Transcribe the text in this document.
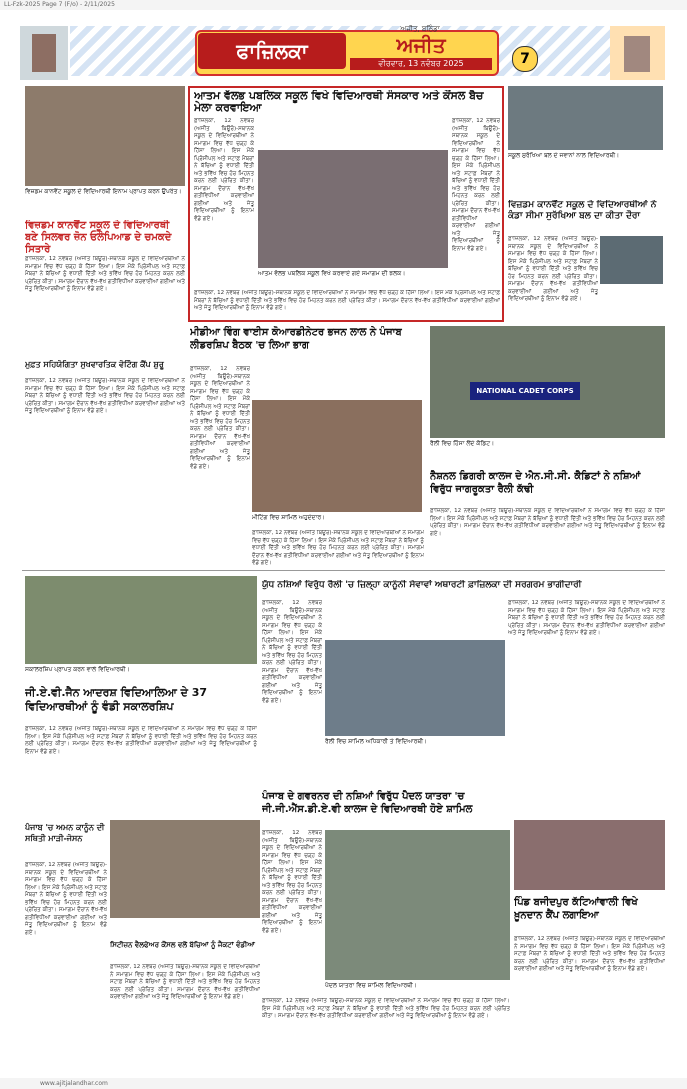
LL-Fzk-2025 Page 7 (F/o) - 2/11/2025
ਫਾਜ਼ਿਲਕਾ	ਅਜੀਤ
ਅਜੀਤ, ਬਠਿੰਡਾ
ਵੀਰਵਾਰ, 13 ਨਵੰਬਰ 2025	7
ਵਿਜ਼ਡਮ ਕਾਨਵੈਂਟ ਸਕੂਲ ਦੇ ਵਿਦਿਆਰਥੀ ਇਨਾਮ ਪ੍ਰਾਪਤ ਕਰਨ ਉਪਰੰਤ।
ਵਿਜ਼ਡਮ ਕਾਨਵੈਂਟ ਸਕੂਲ ਦੇ ਵਿਦਿਆਰਥੀ ਬਣੇ ਸਿਲਵਰ ਜ਼ੋਨ ਓਲੰਪਿਆਡ ਦੇ ਚਮਕਦੇ ਸਿਤਾਰੇ
ਫ਼ਾਜ਼ਿਲਕਾ, 12 ਨਵੰਬਰ (ਅਜੀਤ ਬਿਊਰੋ)-ਸਥਾਨਕ ਸਕੂਲ ਦੇ ਵਿਦਿਆਰਥੀਆਂ ਨੇ ਸਮਾਗਮ ਵਿਚ ਵੱਧ ਚੜ੍ਹ ਕੇ ਹਿੱਸਾ ਲਿਆ। ਇਸ ਮੌਕੇ ਪ੍ਰਿੰਸੀਪਲ ਅਤੇ ਸਟਾਫ਼ ਮੈਂਬਰਾਂ ਨੇ ਬੱਚਿਆਂ ਨੂੰ ਵਧਾਈ ਦਿੱਤੀ ਅਤੇ ਭਵਿੱਖ ਵਿਚ ਹੋਰ ਮਿਹਨਤ ਕਰਨ ਲਈ ਪ੍ਰੇਰਿਤ ਕੀਤਾ। ਸਮਾਗਮ ਦੌਰਾਨ ਵੱਖ-ਵੱਖ ਗਤੀਵਿਧੀਆਂ ਕਰਵਾਈਆਂ ਗਈਆਂ ਅਤੇ ਜੇਤੂ ਵਿਦਿਆਰਥੀਆਂ ਨੂੰ ਇਨਾਮ ਵੰਡੇ ਗਏ।
ਮੁਫ਼ਤ ਸਹਿਯੋਗਿਤਾ ਸੁਖਵਾਰਤਿਕ ਵੋਟਿੰਗ ਕੈਂਪ ਸ਼ੁਰੂ
ਫ਼ਾਜ਼ਿਲਕਾ, 12 ਨਵੰਬਰ (ਅਜੀਤ ਬਿਊਰੋ)-ਸਥਾਨਕ ਸਕੂਲ ਦੇ ਵਿਦਿਆਰਥੀਆਂ ਨੇ ਸਮਾਗਮ ਵਿਚ ਵੱਧ ਚੜ੍ਹ ਕੇ ਹਿੱਸਾ ਲਿਆ। ਇਸ ਮੌਕੇ ਪ੍ਰਿੰਸੀਪਲ ਅਤੇ ਸਟਾਫ਼ ਮੈਂਬਰਾਂ ਨੇ ਬੱਚਿਆਂ ਨੂੰ ਵਧਾਈ ਦਿੱਤੀ ਅਤੇ ਭਵਿੱਖ ਵਿਚ ਹੋਰ ਮਿਹਨਤ ਕਰਨ ਲਈ ਪ੍ਰੇਰਿਤ ਕੀਤਾ। ਸਮਾਗਮ ਦੌਰਾਨ ਵੱਖ-ਵੱਖ ਗਤੀਵਿਧੀਆਂ ਕਰਵਾਈਆਂ ਗਈਆਂ ਅਤੇ ਜੇਤੂ ਵਿਦਿਆਰਥੀਆਂ ਨੂੰ ਇਨਾਮ ਵੰਡੇ ਗਏ।
ਆਤਮ ਵੱਲਭ ਪਬਲਿਕ ਸਕੂਲ ਵਿਖੇ ਵਿਦਿਆਰਥੀ ਸੰਸਕਾਰ ਅਤੇ ਕੌਂਸਲ ਬੈਚ ਮੇਲਾ ਕਰਵਾਇਆ
ਫ਼ਾਜ਼ਿਲਕਾ, 12 ਨਵੰਬਰ (ਅਜੀਤ ਬਿਊਰੋ)-ਸਥਾਨਕ ਸਕੂਲ ਦੇ ਵਿਦਿਆਰਥੀਆਂ ਨੇ ਸਮਾਗਮ ਵਿਚ ਵੱਧ ਚੜ੍ਹ ਕੇ ਹਿੱਸਾ ਲਿਆ। ਇਸ ਮੌਕੇ ਪ੍ਰਿੰਸੀਪਲ ਅਤੇ ਸਟਾਫ਼ ਮੈਂਬਰਾਂ ਨੇ ਬੱਚਿਆਂ ਨੂੰ ਵਧਾਈ ਦਿੱਤੀ ਅਤੇ ਭਵਿੱਖ ਵਿਚ ਹੋਰ ਮਿਹਨਤ ਕਰਨ ਲਈ ਪ੍ਰੇਰਿਤ ਕੀਤਾ। ਸਮਾਗਮ ਦੌਰਾਨ ਵੱਖ-ਵੱਖ ਗਤੀਵਿਧੀਆਂ ਕਰਵਾਈਆਂ ਗਈਆਂ ਅਤੇ ਜੇਤੂ ਵਿਦਿਆਰਥੀਆਂ ਨੂੰ ਇਨਾਮ ਵੰਡੇ ਗਏ।
ਆਤਮ ਵੱਲਭ ਪਬਲਿਕ ਸਕੂਲ ਵਿਖੇ ਕਰਵਾਏ ਗਏ ਸਮਾਗਮ ਦੀ ਝਲਕ।
ਫ਼ਾਜ਼ਿਲਕਾ, 12 ਨਵੰਬਰ (ਅਜੀਤ ਬਿਊਰੋ)-ਸਥਾਨਕ ਸਕੂਲ ਦੇ ਵਿਦਿਆਰਥੀਆਂ ਨੇ ਸਮਾਗਮ ਵਿਚ ਵੱਧ ਚੜ੍ਹ ਕੇ ਹਿੱਸਾ ਲਿਆ। ਇਸ ਮੌਕੇ ਪ੍ਰਿੰਸੀਪਲ ਅਤੇ ਸਟਾਫ਼ ਮੈਂਬਰਾਂ ਨੇ ਬੱਚਿਆਂ ਨੂੰ ਵਧਾਈ ਦਿੱਤੀ ਅਤੇ ਭਵਿੱਖ ਵਿਚ ਹੋਰ ਮਿਹਨਤ ਕਰਨ ਲਈ ਪ੍ਰੇਰਿਤ ਕੀਤਾ। ਸਮਾਗਮ ਦੌਰਾਨ ਵੱਖ-ਵੱਖ ਗਤੀਵਿਧੀਆਂ ਕਰਵਾਈਆਂ ਗਈਆਂ ਅਤੇ ਜੇਤੂ ਵਿਦਿਆਰਥੀਆਂ ਨੂੰ ਇਨਾਮ ਵੰਡੇ ਗਏ।
ਫ਼ਾਜ਼ਿਲਕਾ, 12 ਨਵੰਬਰ (ਅਜੀਤ ਬਿਊਰੋ)-ਸਥਾਨਕ ਸਕੂਲ ਦੇ ਵਿਦਿਆਰਥੀਆਂ ਨੇ ਸਮਾਗਮ ਵਿਚ ਵੱਧ ਚੜ੍ਹ ਕੇ ਹਿੱਸਾ ਲਿਆ। ਇਸ ਮੌਕੇ ਪ੍ਰਿੰਸੀਪਲ ਅਤੇ ਸਟਾਫ਼ ਮੈਂਬਰਾਂ ਨੇ ਬੱਚਿਆਂ ਨੂੰ ਵਧਾਈ ਦਿੱਤੀ ਅਤੇ ਭਵਿੱਖ ਵਿਚ ਹੋਰ ਮਿਹਨਤ ਕਰਨ ਲਈ ਪ੍ਰੇਰਿਤ ਕੀਤਾ। ਸਮਾਗਮ ਦੌਰਾਨ ਵੱਖ-ਵੱਖ ਗਤੀਵਿਧੀਆਂ ਕਰਵਾਈਆਂ ਗਈਆਂ ਅਤੇ ਜੇਤੂ ਵਿਦਿਆਰਥੀਆਂ ਨੂੰ ਇਨਾਮ ਵੰਡੇ ਗਏ।
ਸਕੂਲ ਸੁਰੱਖਿਆ ਬਲ ਦੇ ਜਵਾਨਾਂ ਨਾਲ ਵਿਦਿਆਰਥੀ।
ਵਿਜ਼ਡਮ ਕਾਨਵੈਂਟ ਸਕੂਲ ਦੇ ਵਿਦਿਆਰਥੀਆਂ ਨੇ ਕੰਡਾ ਸੀਮਾ ਸੁਰੱਖਿਆ ਬਲ ਦਾ ਕੀਤਾ ਦੌਰਾ
ਫ਼ਾਜ਼ਿਲਕਾ, 12 ਨਵੰਬਰ (ਅਜੀਤ ਬਿਊਰੋ)-ਸਥਾਨਕ ਸਕੂਲ ਦੇ ਵਿਦਿਆਰਥੀਆਂ ਨੇ ਸਮਾਗਮ ਵਿਚ ਵੱਧ ਚੜ੍ਹ ਕੇ ਹਿੱਸਾ ਲਿਆ। ਇਸ ਮੌਕੇ ਪ੍ਰਿੰਸੀਪਲ ਅਤੇ ਸਟਾਫ਼ ਮੈਂਬਰਾਂ ਨੇ ਬੱਚਿਆਂ ਨੂੰ ਵਧਾਈ ਦਿੱਤੀ ਅਤੇ ਭਵਿੱਖ ਵਿਚ ਹੋਰ ਮਿਹਨਤ ਕਰਨ ਲਈ ਪ੍ਰੇਰਿਤ ਕੀਤਾ। ਸਮਾਗਮ ਦੌਰਾਨ ਵੱਖ-ਵੱਖ ਗਤੀਵਿਧੀਆਂ ਕਰਵਾਈਆਂ ਗਈਆਂ ਅਤੇ ਜੇਤੂ ਵਿਦਿਆਰਥੀਆਂ ਨੂੰ ਇਨਾਮ ਵੰਡੇ ਗਏ।
ਮੀਡੀਆ ਵਿੰਗ ਵਾਈਸ ਕੋਆਰਡੀਨੇਟਰ ਭਜਨ ਲਾਲ ਨੇ ਪੰਜਾਬ ਲੀਡਰਸ਼ਿਪ ਬੈਠਕ 'ਚ ਲਿਆ ਭਾਗ
ਫ਼ਾਜ਼ਿਲਕਾ, 12 ਨਵੰਬਰ (ਅਜੀਤ ਬਿਊਰੋ)-ਸਥਾਨਕ ਸਕੂਲ ਦੇ ਵਿਦਿਆਰਥੀਆਂ ਨੇ ਸਮਾਗਮ ਵਿਚ ਵੱਧ ਚੜ੍ਹ ਕੇ ਹਿੱਸਾ ਲਿਆ। ਇਸ ਮੌਕੇ ਪ੍ਰਿੰਸੀਪਲ ਅਤੇ ਸਟਾਫ਼ ਮੈਂਬਰਾਂ ਨੇ ਬੱਚਿਆਂ ਨੂੰ ਵਧਾਈ ਦਿੱਤੀ ਅਤੇ ਭਵਿੱਖ ਵਿਚ ਹੋਰ ਮਿਹਨਤ ਕਰਨ ਲਈ ਪ੍ਰੇਰਿਤ ਕੀਤਾ। ਸਮਾਗਮ ਦੌਰਾਨ ਵੱਖ-ਵੱਖ ਗਤੀਵਿਧੀਆਂ ਕਰਵਾਈਆਂ ਗਈਆਂ ਅਤੇ ਜੇਤੂ ਵਿਦਿਆਰਥੀਆਂ ਨੂੰ ਇਨਾਮ ਵੰਡੇ ਗਏ।
ਮੀਟਿੰਗ ਵਿਚ ਸ਼ਾਮਿਲ ਅਹੁਦੇਦਾਰ।
ਫ਼ਾਜ਼ਿਲਕਾ, 12 ਨਵੰਬਰ (ਅਜੀਤ ਬਿਊਰੋ)-ਸਥਾਨਕ ਸਕੂਲ ਦੇ ਵਿਦਿਆਰਥੀਆਂ ਨੇ ਸਮਾਗਮ ਵਿਚ ਵੱਧ ਚੜ੍ਹ ਕੇ ਹਿੱਸਾ ਲਿਆ। ਇਸ ਮੌਕੇ ਪ੍ਰਿੰਸੀਪਲ ਅਤੇ ਸਟਾਫ਼ ਮੈਂਬਰਾਂ ਨੇ ਬੱਚਿਆਂ ਨੂੰ ਵਧਾਈ ਦਿੱਤੀ ਅਤੇ ਭਵਿੱਖ ਵਿਚ ਹੋਰ ਮਿਹਨਤ ਕਰਨ ਲਈ ਪ੍ਰੇਰਿਤ ਕੀਤਾ। ਸਮਾਗਮ ਦੌਰਾਨ ਵੱਖ-ਵੱਖ ਗਤੀਵਿਧੀਆਂ ਕਰਵਾਈਆਂ ਗਈਆਂ ਅਤੇ ਜੇਤੂ ਵਿਦਿਆਰਥੀਆਂ ਨੂੰ ਇਨਾਮ ਵੰਡੇ ਗਏ।
NATIONAL CADET CORPS
ਰੈਲੀ ਵਿਚ ਹਿੱਸਾ ਲੈਂਦੇ ਕੈਡਿਟ।
ਨੈਸ਼ਨਲ ਡਿਗਰੀ ਕਾਲਜ ਦੇ ਐਨ.ਸੀ.ਸੀ. ਕੈਡਿਟਾਂ ਨੇ ਨਸ਼ਿਆਂ ਵਿਰੁੱਧ ਜਾਗਰੂਕਤਾ ਰੈਲੀ ਕੱਢੀ
ਫ਼ਾਜ਼ਿਲਕਾ, 12 ਨਵੰਬਰ (ਅਜੀਤ ਬਿਊਰੋ)-ਸਥਾਨਕ ਸਕੂਲ ਦੇ ਵਿਦਿਆਰਥੀਆਂ ਨੇ ਸਮਾਗਮ ਵਿਚ ਵੱਧ ਚੜ੍ਹ ਕੇ ਹਿੱਸਾ ਲਿਆ। ਇਸ ਮੌਕੇ ਪ੍ਰਿੰਸੀਪਲ ਅਤੇ ਸਟਾਫ਼ ਮੈਂਬਰਾਂ ਨੇ ਬੱਚਿਆਂ ਨੂੰ ਵਧਾਈ ਦਿੱਤੀ ਅਤੇ ਭਵਿੱਖ ਵਿਚ ਹੋਰ ਮਿਹਨਤ ਕਰਨ ਲਈ ਪ੍ਰੇਰਿਤ ਕੀਤਾ। ਸਮਾਗਮ ਦੌਰਾਨ ਵੱਖ-ਵੱਖ ਗਤੀਵਿਧੀਆਂ ਕਰਵਾਈਆਂ ਗਈਆਂ ਅਤੇ ਜੇਤੂ ਵਿਦਿਆਰਥੀਆਂ ਨੂੰ ਇਨਾਮ ਵੰਡੇ ਗਏ।
ਸਕਾਲਰਸ਼ਿਪ ਪ੍ਰਾਪਤ ਕਰਨ ਵਾਲੇ ਵਿਦਿਆਰਥੀ।
ਜੀ.ਏ.ਵੀ.ਜੈਨ ਆਦਰਸ਼ ਵਿਦਿਆਲਿਆ ਦੇ 37 ਵਿਦਿਆਰਥੀਆਂ ਨੂੰ ਵੰਡੀ ਸਕਾਲਰਸ਼ਿਪ
ਫ਼ਾਜ਼ਿਲਕਾ, 12 ਨਵੰਬਰ (ਅਜੀਤ ਬਿਊਰੋ)-ਸਥਾਨਕ ਸਕੂਲ ਦੇ ਵਿਦਿਆਰਥੀਆਂ ਨੇ ਸਮਾਗਮ ਵਿਚ ਵੱਧ ਚੜ੍ਹ ਕੇ ਹਿੱਸਾ ਲਿਆ। ਇਸ ਮੌਕੇ ਪ੍ਰਿੰਸੀਪਲ ਅਤੇ ਸਟਾਫ਼ ਮੈਂਬਰਾਂ ਨੇ ਬੱਚਿਆਂ ਨੂੰ ਵਧਾਈ ਦਿੱਤੀ ਅਤੇ ਭਵਿੱਖ ਵਿਚ ਹੋਰ ਮਿਹਨਤ ਕਰਨ ਲਈ ਪ੍ਰੇਰਿਤ ਕੀਤਾ। ਸਮਾਗਮ ਦੌਰਾਨ ਵੱਖ-ਵੱਖ ਗਤੀਵਿਧੀਆਂ ਕਰਵਾਈਆਂ ਗਈਆਂ ਅਤੇ ਜੇਤੂ ਵਿਦਿਆਰਥੀਆਂ ਨੂੰ ਇਨਾਮ ਵੰਡੇ ਗਏ।
ਯੁੱਧ ਨਸ਼ਿਆਂ ਵਿਰੁੱਧ ਰੈਲੀ 'ਚ ਜ਼ਿਲ੍ਹਾ ਕਾਨੂੰਨੀ ਸੇਵਾਵਾਂ ਅਥਾਰਟੀ ਫ਼ਾਜ਼ਿਲਕਾ ਦੀ ਸਰਗਰਮ ਭਾਗੀਦਾਰੀ
ਫ਼ਾਜ਼ਿਲਕਾ, 12 ਨਵੰਬਰ (ਅਜੀਤ ਬਿਊਰੋ)-ਸਥਾਨਕ ਸਕੂਲ ਦੇ ਵਿਦਿਆਰਥੀਆਂ ਨੇ ਸਮਾਗਮ ਵਿਚ ਵੱਧ ਚੜ੍ਹ ਕੇ ਹਿੱਸਾ ਲਿਆ। ਇਸ ਮੌਕੇ ਪ੍ਰਿੰਸੀਪਲ ਅਤੇ ਸਟਾਫ਼ ਮੈਂਬਰਾਂ ਨੇ ਬੱਚਿਆਂ ਨੂੰ ਵਧਾਈ ਦਿੱਤੀ ਅਤੇ ਭਵਿੱਖ ਵਿਚ ਹੋਰ ਮਿਹਨਤ ਕਰਨ ਲਈ ਪ੍ਰੇਰਿਤ ਕੀਤਾ। ਸਮਾਗਮ ਦੌਰਾਨ ਵੱਖ-ਵੱਖ ਗਤੀਵਿਧੀਆਂ ਕਰਵਾਈਆਂ ਗਈਆਂ ਅਤੇ ਜੇਤੂ ਵਿਦਿਆਰਥੀਆਂ ਨੂੰ ਇਨਾਮ ਵੰਡੇ ਗਏ।
ਰੈਲੀ ਵਿਚ ਸ਼ਾਮਿਲ ਅਧਿਕਾਰੀ ਤੇ ਵਿਦਿਆਰਥੀ।
ਫ਼ਾਜ਼ਿਲਕਾ, 12 ਨਵੰਬਰ (ਅਜੀਤ ਬਿਊਰੋ)-ਸਥਾਨਕ ਸਕੂਲ ਦੇ ਵਿਦਿਆਰਥੀਆਂ ਨੇ ਸਮਾਗਮ ਵਿਚ ਵੱਧ ਚੜ੍ਹ ਕੇ ਹਿੱਸਾ ਲਿਆ। ਇਸ ਮੌਕੇ ਪ੍ਰਿੰਸੀਪਲ ਅਤੇ ਸਟਾਫ਼ ਮੈਂਬਰਾਂ ਨੇ ਬੱਚਿਆਂ ਨੂੰ ਵਧਾਈ ਦਿੱਤੀ ਅਤੇ ਭਵਿੱਖ ਵਿਚ ਹੋਰ ਮਿਹਨਤ ਕਰਨ ਲਈ ਪ੍ਰੇਰਿਤ ਕੀਤਾ। ਸਮਾਗਮ ਦੌਰਾਨ ਵੱਖ-ਵੱਖ ਗਤੀਵਿਧੀਆਂ ਕਰਵਾਈਆਂ ਗਈਆਂ ਅਤੇ ਜੇਤੂ ਵਿਦਿਆਰਥੀਆਂ ਨੂੰ ਇਨਾਮ ਵੰਡੇ ਗਏ।
ਪੰਜਾਬ 'ਚ ਅਮਨ ਕਾਨੂੰਨ ਦੀ ਸਥਿਤੀ ਮਾੜੀ-ਜੋਸਨ
ਫ਼ਾਜ਼ਿਲਕਾ, 12 ਨਵੰਬਰ (ਅਜੀਤ ਬਿਊਰੋ)-ਸਥਾਨਕ ਸਕੂਲ ਦੇ ਵਿਦਿਆਰਥੀਆਂ ਨੇ ਸਮਾਗਮ ਵਿਚ ਵੱਧ ਚੜ੍ਹ ਕੇ ਹਿੱਸਾ ਲਿਆ। ਇਸ ਮੌਕੇ ਪ੍ਰਿੰਸੀਪਲ ਅਤੇ ਸਟਾਫ਼ ਮੈਂਬਰਾਂ ਨੇ ਬੱਚਿਆਂ ਨੂੰ ਵਧਾਈ ਦਿੱਤੀ ਅਤੇ ਭਵਿੱਖ ਵਿਚ ਹੋਰ ਮਿਹਨਤ ਕਰਨ ਲਈ ਪ੍ਰੇਰਿਤ ਕੀਤਾ। ਸਮਾਗਮ ਦੌਰਾਨ ਵੱਖ-ਵੱਖ ਗਤੀਵਿਧੀਆਂ ਕਰਵਾਈਆਂ ਗਈਆਂ ਅਤੇ ਜੇਤੂ ਵਿਦਿਆਰਥੀਆਂ ਨੂੰ ਇਨਾਮ ਵੰਡੇ ਗਏ।
ਸਿਟੀਜ਼ਨ ਵੈਲਫੇਅਰ ਕੌਂਸਲ ਵਲੋਂ ਬੱਚਿਆਂ ਨੂੰ ਜੈਕਟਾਂ ਵੰਡੀਆਂ
ਫ਼ਾਜ਼ਿਲਕਾ, 12 ਨਵੰਬਰ (ਅਜੀਤ ਬਿਊਰੋ)-ਸਥਾਨਕ ਸਕੂਲ ਦੇ ਵਿਦਿਆਰਥੀਆਂ ਨੇ ਸਮਾਗਮ ਵਿਚ ਵੱਧ ਚੜ੍ਹ ਕੇ ਹਿੱਸਾ ਲਿਆ। ਇਸ ਮੌਕੇ ਪ੍ਰਿੰਸੀਪਲ ਅਤੇ ਸਟਾਫ਼ ਮੈਂਬਰਾਂ ਨੇ ਬੱਚਿਆਂ ਨੂੰ ਵਧਾਈ ਦਿੱਤੀ ਅਤੇ ਭਵਿੱਖ ਵਿਚ ਹੋਰ ਮਿਹਨਤ ਕਰਨ ਲਈ ਪ੍ਰੇਰਿਤ ਕੀਤਾ। ਸਮਾਗਮ ਦੌਰਾਨ ਵੱਖ-ਵੱਖ ਗਤੀਵਿਧੀਆਂ ਕਰਵਾਈਆਂ ਗਈਆਂ ਅਤੇ ਜੇਤੂ ਵਿਦਿਆਰਥੀਆਂ ਨੂੰ ਇਨਾਮ ਵੰਡੇ ਗਏ।
ਪੰਜਾਬ ਦੇ ਗਵਰਨਰ ਦੀ ਨਸ਼ਿਆਂ ਵਿਰੁੱਧ ਪੈਦਲ ਯਾਤਰਾ 'ਚ ਜੀ.ਜੀ.ਐੱਸ.ਡੀ.ਏ.ਵੀ ਕਾਲਜ ਦੇ ਵਿਦਿਆਰਥੀ ਹੋਏ ਸ਼ਾਮਿਲ
ਫ਼ਾਜ਼ਿਲਕਾ, 12 ਨਵੰਬਰ (ਅਜੀਤ ਬਿਊਰੋ)-ਸਥਾਨਕ ਸਕੂਲ ਦੇ ਵਿਦਿਆਰਥੀਆਂ ਨੇ ਸਮਾਗਮ ਵਿਚ ਵੱਧ ਚੜ੍ਹ ਕੇ ਹਿੱਸਾ ਲਿਆ। ਇਸ ਮੌਕੇ ਪ੍ਰਿੰਸੀਪਲ ਅਤੇ ਸਟਾਫ਼ ਮੈਂਬਰਾਂ ਨੇ ਬੱਚਿਆਂ ਨੂੰ ਵਧਾਈ ਦਿੱਤੀ ਅਤੇ ਭਵਿੱਖ ਵਿਚ ਹੋਰ ਮਿਹਨਤ ਕਰਨ ਲਈ ਪ੍ਰੇਰਿਤ ਕੀਤਾ। ਸਮਾਗਮ ਦੌਰਾਨ ਵੱਖ-ਵੱਖ ਗਤੀਵਿਧੀਆਂ ਕਰਵਾਈਆਂ ਗਈਆਂ ਅਤੇ ਜੇਤੂ ਵਿਦਿਆਰਥੀਆਂ ਨੂੰ ਇਨਾਮ ਵੰਡੇ ਗਏ।
ਪੈਦਲ ਯਾਤਰਾ ਵਿਚ ਸ਼ਾਮਿਲ ਵਿਦਿਆਰਥੀ।
ਫ਼ਾਜ਼ਿਲਕਾ, 12 ਨਵੰਬਰ (ਅਜੀਤ ਬਿਊਰੋ)-ਸਥਾਨਕ ਸਕੂਲ ਦੇ ਵਿਦਿਆਰਥੀਆਂ ਨੇ ਸਮਾਗਮ ਵਿਚ ਵੱਧ ਚੜ੍ਹ ਕੇ ਹਿੱਸਾ ਲਿਆ। ਇਸ ਮੌਕੇ ਪ੍ਰਿੰਸੀਪਲ ਅਤੇ ਸਟਾਫ਼ ਮੈਂਬਰਾਂ ਨੇ ਬੱਚਿਆਂ ਨੂੰ ਵਧਾਈ ਦਿੱਤੀ ਅਤੇ ਭਵਿੱਖ ਵਿਚ ਹੋਰ ਮਿਹਨਤ ਕਰਨ ਲਈ ਪ੍ਰੇਰਿਤ ਕੀਤਾ। ਸਮਾਗਮ ਦੌਰਾਨ ਵੱਖ-ਵੱਖ ਗਤੀਵਿਧੀਆਂ ਕਰਵਾਈਆਂ ਗਈਆਂ ਅਤੇ ਜੇਤੂ ਵਿਦਿਆਰਥੀਆਂ ਨੂੰ ਇਨਾਮ ਵੰਡੇ ਗਏ।
ਪਿੰਡ ਬਜੀਦਪੁਰ ਕੱਟਿਆਂਵਾਲੀ ਵਿਖੇ ਖ਼ੂਨਦਾਨ ਕੈਂਪ ਲਗਾਇਆ
ਫ਼ਾਜ਼ਿਲਕਾ, 12 ਨਵੰਬਰ (ਅਜੀਤ ਬਿਊਰੋ)-ਸਥਾਨਕ ਸਕੂਲ ਦੇ ਵਿਦਿਆਰਥੀਆਂ ਨੇ ਸਮਾਗਮ ਵਿਚ ਵੱਧ ਚੜ੍ਹ ਕੇ ਹਿੱਸਾ ਲਿਆ। ਇਸ ਮੌਕੇ ਪ੍ਰਿੰਸੀਪਲ ਅਤੇ ਸਟਾਫ਼ ਮੈਂਬਰਾਂ ਨੇ ਬੱਚਿਆਂ ਨੂੰ ਵਧਾਈ ਦਿੱਤੀ ਅਤੇ ਭਵਿੱਖ ਵਿਚ ਹੋਰ ਮਿਹਨਤ ਕਰਨ ਲਈ ਪ੍ਰੇਰਿਤ ਕੀਤਾ। ਸਮਾਗਮ ਦੌਰਾਨ ਵੱਖ-ਵੱਖ ਗਤੀਵਿਧੀਆਂ ਕਰਵਾਈਆਂ ਗਈਆਂ ਅਤੇ ਜੇਤੂ ਵਿਦਿਆਰਥੀਆਂ ਨੂੰ ਇਨਾਮ ਵੰਡੇ ਗਏ।
www.ajitjalandhar.com
